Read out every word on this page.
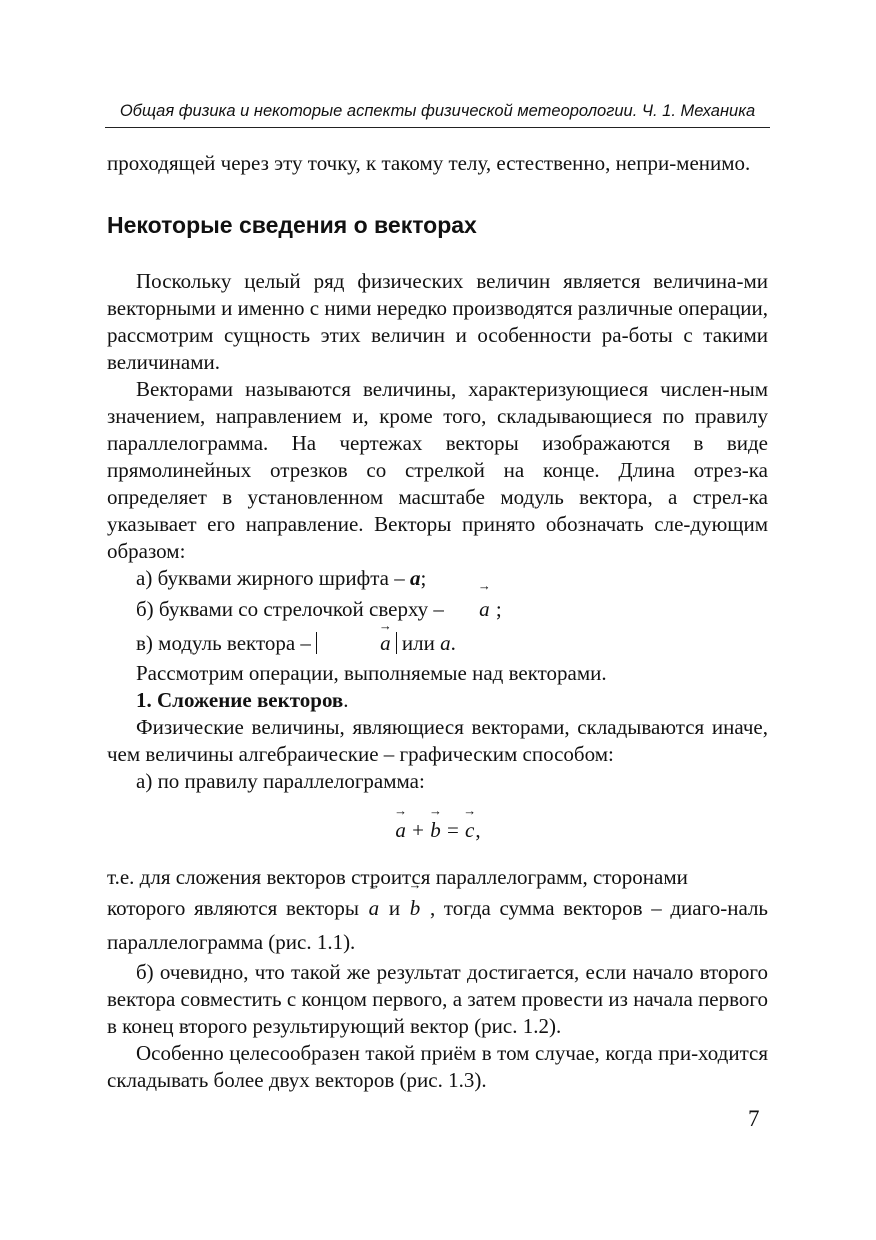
Общая физика и некоторые аспекты физической метеорологии. Ч. 1. Механика

проходящей через эту точку, к такому телу, естественно, непри-менимо.

Некоторые сведения о векторах

Поскольку целый ряд физических величин является величина-ми векторными и именно с ними нередко производятся различные операции, рассмотрим сущность этих величин и особенности ра-боты с такими величинами.

Векторами называются величины, характеризующиеся числен-ным значением, направлением и, кроме того, складывающиеся по правилу параллелограмма. На чертежах векторы изображаются в виде прямолинейных отрезков со стрелкой на конце. Длина отрез-ка определяет в установленном масштабе модуль вектора, а стрел-ка указывает его направление. Векторы принято обозначать сле-дующим образом:

а) буквами жирного шрифта – a;

б) буквами со стрелочкой сверху – → a ;

в) модуль вектора –	→ a или a.

Рассмотрим операции, выполняемые над векторами.

1. Сложение векторов.

Физические величины, являющиеся векторами, складываются иначе, чем величины алгебраические – графическим способом:

а) по правилу параллелограмма:

→ a + → b = → c,

т.е. для сложения векторов строится параллелограмм, сторонами

которого являются векторы → a и → b , тогда сумма векторов – диаго-наль параллелограмма (рис. 1.1).

б) очевидно, что такой же результат достигается, если начало второго вектора совместить с концом первого, а затем провести из начала первого в конец второго результирующий вектор (рис. 1.2).

Особенно целесообразен такой приём в том случае, когда при-ходится складывать более двух векторов (рис. 1.3).

7
